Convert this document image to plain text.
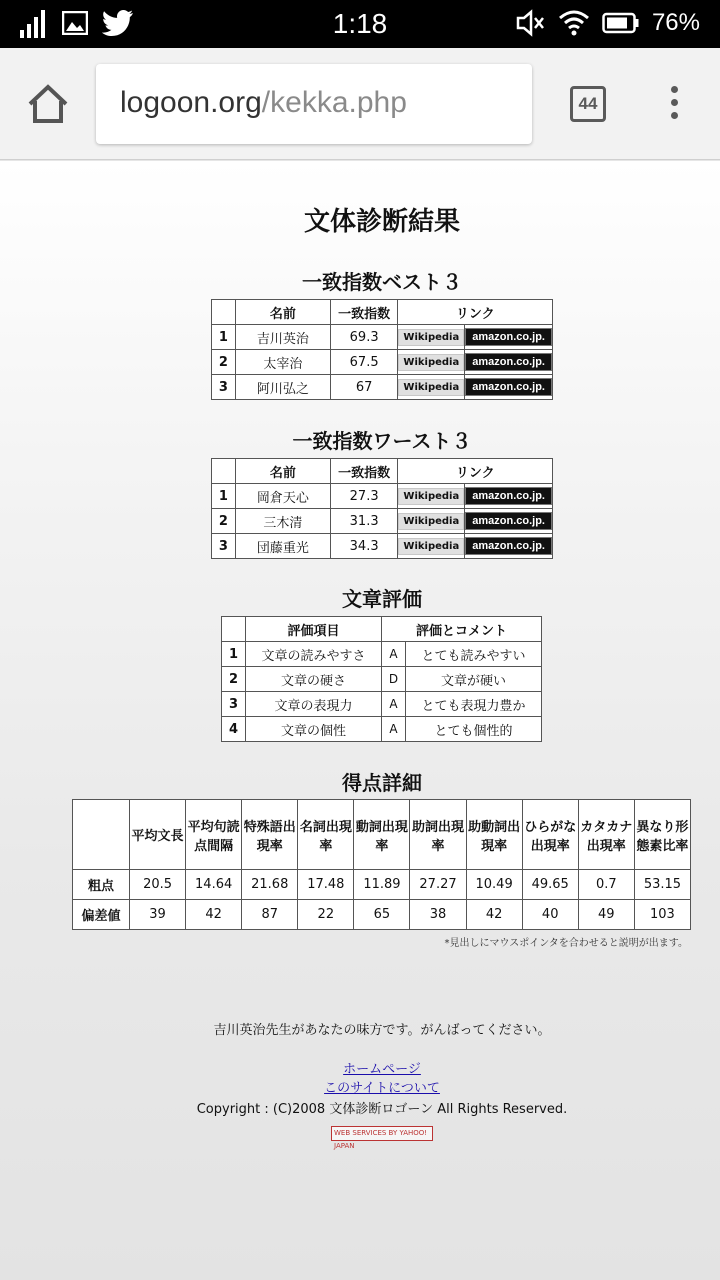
1:18	76%
logoon.org/kekka.php	44
文体診断結果
一致指数ベスト３
	名前	一致指数	リンク	
1	吉川英治	69.3	Wikipedia	amazon.co.jp.
2	太宰治	67.5	Wikipedia	amazon.co.jp.
3	阿川弘之	67	Wikipedia	amazon.co.jp.
一致指数ワースト３
	名前	一致指数	リンク	
1	岡倉天心	27.3	Wikipedia	amazon.co.jp.
2	三木清	31.3	Wikipedia	amazon.co.jp.
3	団藤重光	34.3	Wikipedia	amazon.co.jp.
文章評価
	評価項目	評価とコメント	
1	文章の読みやすさ	A	とても読みやすい
2	文章の硬さ	D	文章が硬い
3	文章の表現力	A	とても表現力豊か
4	文章の個性	A	とても個性的
得点詳細
	平均文長	平均句読点間隔	特殊語出現率	名詞出現率	動詞出現率	助詞出現率	助動詞出現率	ひらがな出現率	カタカナ出現率	異なり形態素比率
粗点	20.5	14.64	21.68	17.48	11.89	27.27	10.49	49.65	0.7	53.15
偏差値	39	42	87	22	65	38	42	40	49	103
*見出しにマウスポインタを合わせると説明が出ます。
吉川英治先生があなたの味方です。がんばってください。
ホームページ
このサイトについて
Copyright : (C)2008 文体診断ロゴーン All Rights Reserved.
WEB SERVICES BY YAHOO! JAPAN
